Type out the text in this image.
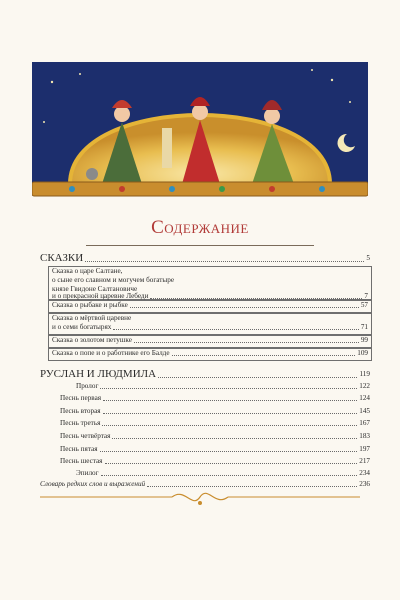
Содержание
СКАЗКИ	5
Сказка о царе Салтане,
о сыне его славном и могучем богатыре
князе Гвидоне Салтановиче
и о прекрасной царевне Лебеди	7
Сказка о рыбаке и рыбке	57
Сказка о мёртвой царевне
и о семи богатырях	71
Сказка о золотом петушке	99
Сказка о попе и о работнике его Балде	109
РУСЛАН И ЛЮДМИЛА	119
Пролог	122
Песнь первая	124
Песнь вторая	145
Песнь третья	167
Песнь четвёртая	183
Песнь пятая	197
Песнь шестая	217
Эпилог	234
Словарь редких слов и выражений	236
